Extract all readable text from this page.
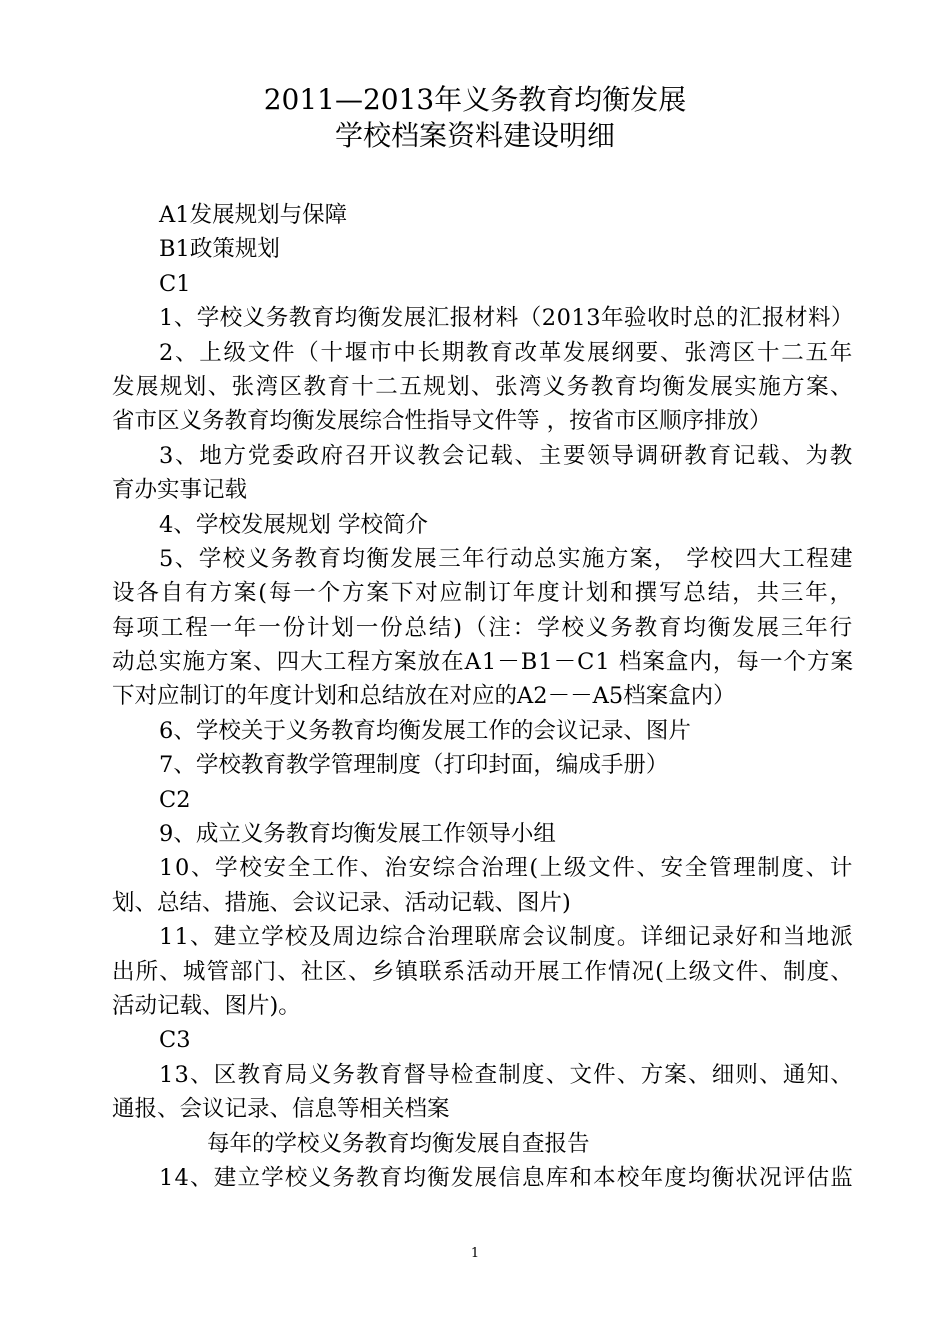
2011—2013年义务教育均衡发展
学校档案资料建设明细
A1发展规划与保障
B1政策规划
C1
1、学校义务教育均衡发展汇报材料（2013年验收时总的汇报材料）
2、上级文件（十堰市中长期教育改革发展纲要、张湾区十二五年
发展规划、张湾区教育十二五规划、张湾义务教育均衡发展实施方案、
省市区义务教育均衡发展综合性指导文件等 ，按省市区顺序排放）
3、地方党委政府召开议教会记载、主要领导调研教育记载、为教
育办实事记载
4、学校发展规划 学校简介
5、学校义务教育均衡发展三年行动总实施方案， 学校四大工程建
设各自有方案(每一个方案下对应制订年度计划和撰写总结，共三年，
每项工程一年一份计划一份总结)（注：学校义务教育均衡发展三年行
动总实施方案、四大工程方案放在A1－B1－C1 档案盒内，每一个方案
下对应制订的年度计划和总结放在对应的A2－－A5档案盒内）
6、学校关于义务教育均衡发展工作的会议记录、图片
7、学校教育教学管理制度（打印封面，编成手册）
C2
9、成立义务教育均衡发展工作领导小组
10、学校安全工作、治安综合治理(上级文件、安全管理制度、计
划、总结、措施、会议记录、活动记载、图片)
11、建立学校及周边综合治理联席会议制度。详细记录好和当地派
出所、城管部门、社区、乡镇联系活动开展工作情况(上级文件、制度、
活动记载、图片)。
C3
13、区教育局义务教育督导检查制度、文件、方案、细则、通知、
通报、会议记录、信息等相关档案
每年的学校义务教育均衡发展自查报告
14、建立学校义务教育均衡发展信息库和本校年度均衡状况评估监
1
